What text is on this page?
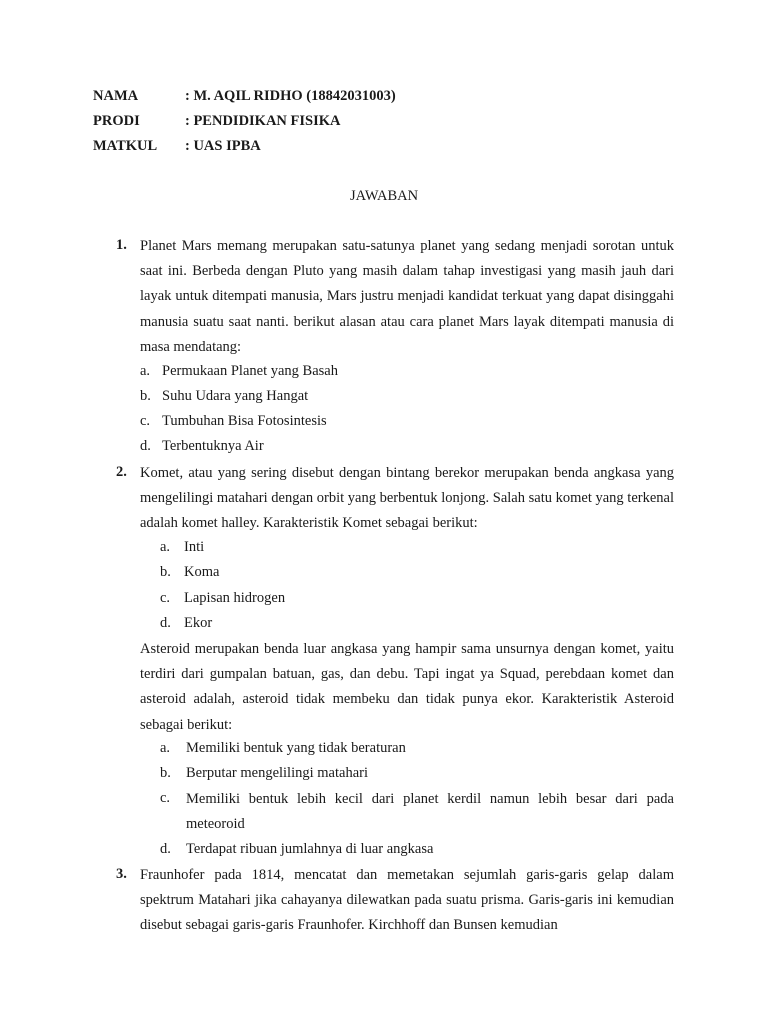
NAMA	: M. AQIL RIDHO (18842031003)
PRODI	: PENDIDIKAN FISIKA
MATKUL : UAS IPBA
JAWABAN
1. Planet Mars memang merupakan satu-satunya planet yang sedang menjadi sorotan untuk saat ini. Berbeda dengan Pluto yang masih dalam tahap investigasi yang masih jauh dari layak untuk ditempati manusia, Mars justru menjadi kandidat terkuat yang dapat disinggahi manusia suatu saat nanti. berikut alasan atau cara planet Mars layak ditempati manusia di masa mendatang:
a. Permukaan Planet yang Basah
b. Suhu Udara yang Hangat
c. Tumbuhan Bisa Fotosintesis
d. Terbentuknya Air
2. Komet, atau yang sering disebut dengan bintang berekor merupakan benda angkasa yang mengelilingi matahari dengan orbit yang berbentuk lonjong. Salah satu komet yang terkenal adalah komet halley. Karakteristik Komet sebagai berikut:
a. Inti
b. Koma
c. Lapisan hidrogen
d. Ekor
Asteroid merupakan benda luar angkasa yang hampir sama unsurnya dengan komet, yaitu terdiri dari gumpalan batuan, gas, dan debu. Tapi ingat ya Squad, perebdaan komet dan asteroid adalah, asteroid tidak membeku dan tidak punya ekor. Karakteristik Asteroid sebagai berikut:
a. Memiliki bentuk yang tidak beraturan
b. Berputar mengelilingi matahari
c. Memiliki bentuk lebih kecil dari planet kerdil namun lebih besar dari pada meteoroid
d. Terdapat ribuan jumlahnya di luar angkasa
3. Fraunhofer pada 1814, mencatat dan memetakan sejumlah garis-garis gelap dalam spektrum Matahari jika cahayanya dilewatkan pada suatu prisma. Garis-garis ini kemudian disebut sebagai garis-garis Fraunhofer. Kirchhoff dan Bunsen kemudian
